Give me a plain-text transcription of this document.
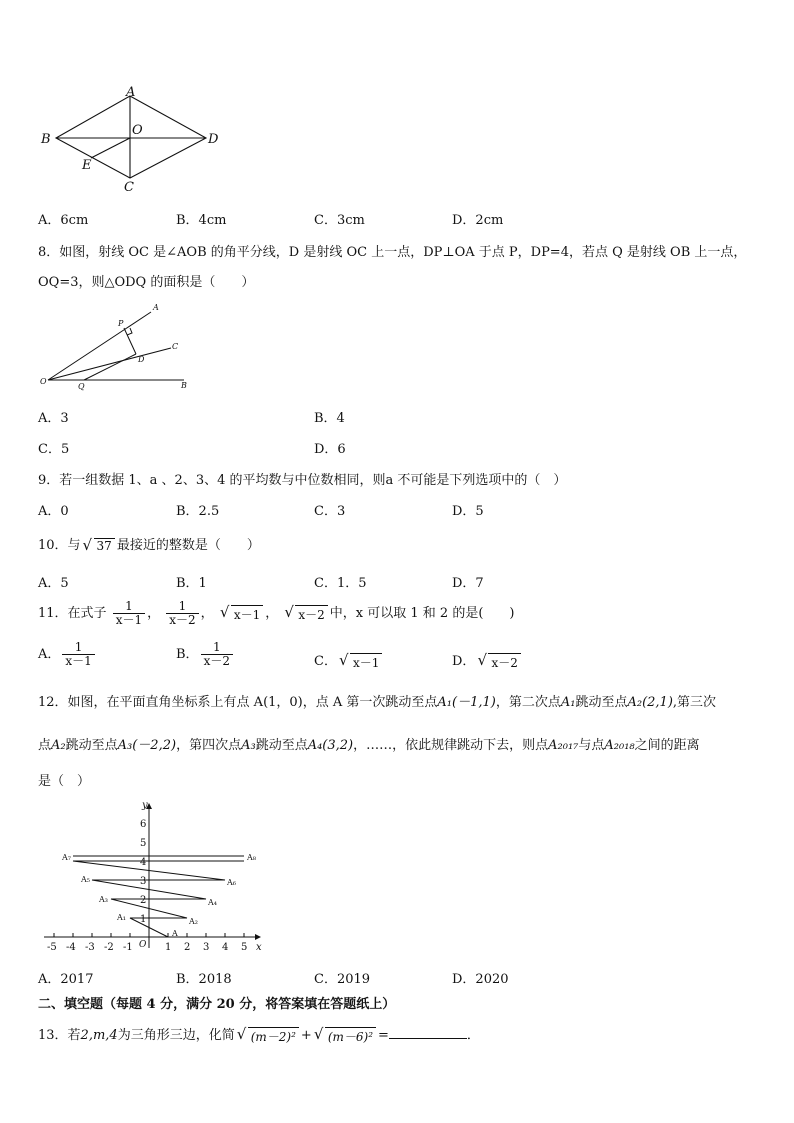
A
B
O
D
E
C
A．6cm	B．4cm	C．3cm	D．2cm
8．如图，射线 OC 是∠AOB 的角平分线，D 是射线 OC 上一点，DP⊥OA 于点 P，DP=4，若点 Q 是射线 OB 上一点，
OQ=3，则△ODQ 的面积是（　　）
A
P
C
D
O
Q	B
A．3	B．4
C．5	D．6
9．若一组数据 1、a 、2、3、4 的平均数与中位数相同，则a 不可能是下列选项中的（　）
A．0	B．2.5	C．3	D．5
10．与 √ 37 最接近的整数是（　　）
A．5	B．1	C．1．5	D．7
11．在式子 $\frac{1}{x-1}$ ， $\frac{1}{x-2}$ ， √ x－1 ， √ x－2 中，x 可以取 1 和 2 的是(　　)
A． $\frac{1}{x-1}$	B． $\frac{1}{x-2}$	C． √ x－1	D． √ x－2
12．如图，在平面直角坐标系上有点 A(1，0)，点 A 第一次跳动至点A₁(－1,1)，第二次点A₁跳动至点A₂(2,1),第三次
点A₂跳动至点A₃(－2,2)，第四次点A₃跳动至点A₄(3,2)，……，依此规律跳动下去，则点A₂₀₁₇与点A₂₀₁₈之间的距离
是（　）
-5 -4 -3 -2 -1 O 1 2 3 4 5 x
1
2
3
4
5
6
y
A
A₁	A₂
A₃	A₄
A₅	A₆
A₇	A₈
A．2017	B．2018	C．2019	D．2020
二、填空题（每题 4 分，满分 20 分，将答案填在答题纸上）
13．若2,m,4为三角形三边，化简 √ (m－2)² + √ (m－6)² =	．
